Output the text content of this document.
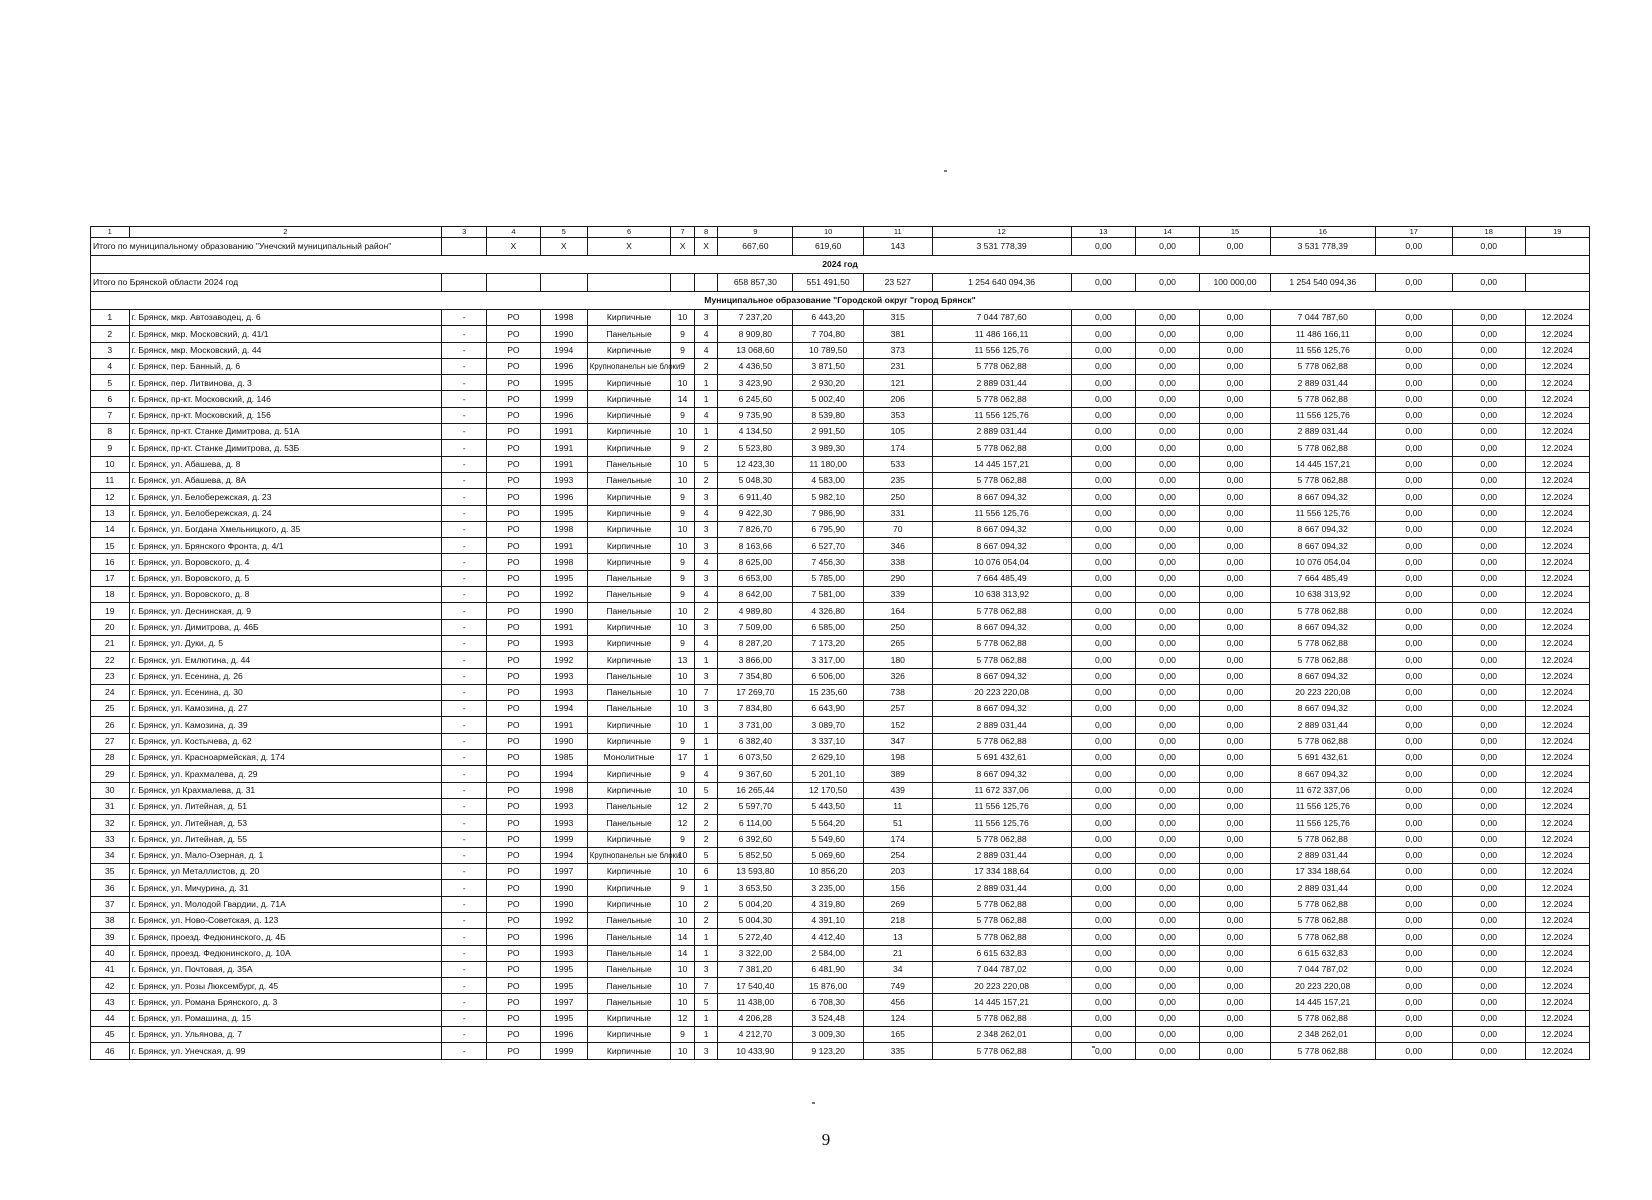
1	2	3	4	5	6	7	8	9	10	11	12	13	14	15	16	17	18	19
Итого по муниципальному образованию "Унечский муниципальный район"			X	X	X	X	X	667,60	619,60	143	3 531 778,39	0,00	0,00	0,00	3 531 778,39	0,00	0,00	
2024 год																		
Итого по Брянской области 2024 год								658 857,30	551 491,50	23 527	1 254 640 094,36	0,00	0,00	100 000,00	1 254 540 094,36	0,00	0,00	
Муниципальное образование "Городской округ "город Брянск"																		
1	г. Брянск, мкр. Автозаводец, д. 6	-	РО	1998	Кирпичные	10	3	7 237,20	6 443,20	315	7 044 787,60	0,00	0,00	0,00	7 044 787,60	0,00	0,00	12.2024
2	г. Брянск, мкр. Московский, д. 41/1	-	РО	1990	Панельные	9	4	8 909,80	7 704,80	381	11 486 166,11	0,00	0,00	0,00	11 486 166,11	0,00	0,00	12.2024
3	г. Брянск, мкр. Московский, д. 44	-	РО	1994	Кирпичные	9	4	13 068,60	10 789,50	373	11 556 125,76	0,00	0,00	0,00	11 556 125,76	0,00	0,00	12.2024
4	г. Брянск, пер. Банный, д. 6	-	РО	1996	Крупнопанельн ые блоки	9	2	4 436,50	3 871,50	231	5 778 062,88	0,00	0,00	0,00	5 778 062,88	0,00	0,00	12.2024
5	г. Брянск, пер. Литвинова, д. 3	-	РО	1995	Кирпичные	10	1	3 423,90	2 930,20	121	2 889 031,44	0,00	0,00	0,00	2 889 031,44	0,00	0,00	12.2024
6	г. Брянск, пр-кт. Московский, д. 146	-	РО	1999	Кирпичные	14	1	6 245,60	5 002,40	206	5 778 062,88	0,00	0,00	0,00	5 778 062,88	0,00	0,00	12.2024
7	г. Брянск, пр-кт. Московский, д. 156	-	РО	1996	Кирпичные	9	4	9 735,90	8 539,80	353	11 556 125,76	0,00	0,00	0,00	11 556 125,76	0,00	0,00	12.2024
8	г. Брянск, пр-кт. Станке Димитрова, д. 51А	-	РО	1991	Кирпичные	10	1	4 134,50	2 991,50	105	2 889 031,44	0,00	0,00	0,00	2 889 031,44	0,00	0,00	12.2024
9	г. Брянск, пр-кт. Станке Димитрова, д. 53Б	-	РО	1991	Кирпичные	9	2	5 523,80	3 989,30	174	5 778 062,88	0,00	0,00	0,00	5 778 062,88	0,00	0,00	12.2024
10	г. Брянск, ул. Абашева, д. 8	-	РО	1991	Панельные	10	5	12 423,30	11 180,00	533	14 445 157,21	0,00	0,00	0,00	14 445 157,21	0,00	0,00	12.2024
11	г. Брянск, ул. Абашева, д. 8А	-	РО	1993	Панельные	10	2	5 048,30	4 583,00	235	5 778 062,88	0,00	0,00	0,00	5 778 062,88	0,00	0,00	12.2024
12	г. Брянск, ул. Белобережская, д. 23	-	РО	1996	Кирпичные	9	3	6 911,40	5 982,10	250	8 667 094,32	0,00	0,00	0,00	8 667 094,32	0,00	0,00	12.2024
13	г. Брянск, ул. Белобережская, д. 24	-	РО	1995	Кирпичные	9	4	9 422,30	7 986,90	331	11 556 125,76	0,00	0,00	0,00	11 556 125,76	0,00	0,00	12.2024
14	г. Брянск, ул. Богдана Хмельницкого, д. 35	-	РО	1998	Кирпичные	10	3	7 826,70	6 795,90	70	8 667 094,32	0,00	0,00	0,00	8 667 094,32	0,00	0,00	12.2024
15	г. Брянск, ул. Брянского Фронта, д. 4/1	-	РО	1991	Кирпичные	10	3	8 163,66	6 527,70	346	8 667 094,32	0,00	0,00	0,00	8 667 094,32	0,00	0,00	12.2024
16	г. Брянск, ул. Воровского, д. 4	-	РО	1998	Кирпичные	9	4	8 625,00	7 456,30	338	10 076 054,04	0,00	0,00	0,00	10 076 054,04	0,00	0,00	12.2024
17	г. Брянск, ул. Воровского, д. 5	-	РО	1995	Панельные	9	3	6 653,00	5 785,00	290	7 664 485,49	0,00	0,00	0,00	7 664 485,49	0,00	0,00	12.2024
18	г. Брянск, ул. Воровского, д. 8	-	РО	1992	Панельные	9	4	8 642,00	7 581,00	339	10 638 313,92	0,00	0,00	0,00	10 638 313,92	0,00	0,00	12.2024
19	г. Брянск, ул. Деснинская, д. 9	-	РО	1990	Панельные	10	2	4 989,80	4 326,80	164	5 778 062,88	0,00	0,00	0,00	5 778 062,88	0,00	0,00	12.2024
20	г. Брянск, ул. Димитрова, д. 46Б	-	РО	1991	Кирпичные	10	3	7 509,00	6 585,00	250	8 667 094,32	0,00	0,00	0,00	8 667 094,32	0,00	0,00	12.2024
21	г. Брянск, ул. Дуки, д. 5	-	РО	1993	Кирпичные	9	4	8 287,20	7 173,20	265	5 778 062,88	0,00	0,00	0,00	5 778 062,88	0,00	0,00	12.2024
22	г. Брянск, ул. Емлютина, д. 44	-	РО	1992	Кирпичные	13	1	3 866,00	3 317,00	180	5 778 062,88	0,00	0,00	0,00	5 778 062,88	0,00	0,00	12.2024
23	г. Брянск, ул. Есенина, д. 26	-	РО	1993	Панельные	10	3	7 354,80	6 506,00	326	8 667 094,32	0,00	0,00	0,00	8 667 094,32	0,00	0,00	12.2024
24	г. Брянск, ул. Есенина, д. 30	-	РО	1993	Панельные	10	7	17 269,70	15 235,60	738	20 223 220,08	0,00	0,00	0,00	20 223 220,08	0,00	0,00	12.2024
25	г. Брянск, ул. Камозина, д. 27	-	РО	1994	Панельные	10	3	7 834,80	6 643,90	257	8 667 094,32	0,00	0,00	0,00	8 667 094,32	0,00	0,00	12.2024
26	г. Брянск, ул. Камозина, д. 39	-	РО	1991	Кирпичные	10	1	3 731,00	3 089,70	152	2 889 031,44	0,00	0,00	0,00	2 889 031,44	0,00	0,00	12.2024
27	г. Брянск, ул. Костычева, д. 62	-	РО	1990	Кирпичные	9	1	6 382,40	3 337,10	347	5 778 062,88	0,00	0,00	0,00	5 778 062,88	0,00	0,00	12.2024
28	г. Брянск, ул. Красноармейская, д. 174	-	РО	1985	Монолитные	17	1	6 073,50	2 629,10	198	5 691 432,61	0,00	0,00	0,00	5 691 432,61	0,00	0,00	12.2024
29	г. Брянск, ул. Крахмалева, д. 29	-	РО	1994	Кирпичные	9	4	9 367,60	5 201,10	389	8 667 094,32	0,00	0,00	0,00	8 667 094,32	0,00	0,00	12.2024
30	г. Брянск, ул Крахмалева, д. 31	-	РО	1998	Кирпичные	10	5	16 265,44	12 170,50	439	11 672 337,06	0,00	0,00	0,00	11 672 337,06	0,00	0,00	12.2024
31	г. Брянск, ул. Литейная, д. 51	-	РО	1993	Панельные	12	2	5 597,70	5 443,50	11	11 556 125,76	0,00	0,00	0,00	11 556 125,76	0,00	0,00	12.2024
32	г. Брянск, ул. Литейная, д. 53	-	РО	1993	Панельные	12	2	6 114,00	5 564,20	51	11 556 125,76	0,00	0,00	0,00	11 556 125,76	0,00	0,00	12.2024
33	г. Брянск, ул. Литейная, д. 55	-	РО	1999	Кирпичные	9	2	6 392,60	5 549,60	174	5 778 062,88	0,00	0,00	0,00	5 778 062,88	0,00	0,00	12.2024
34	г. Брянск, ул. Мало-Озерная, д. 1	-	РО	1994	Крупнопанельн ые блоки	10	5	5 852,50	5 069,60	254	2 889 031,44	0,00	0,00	0,00	2 889 031,44	0,00	0,00	12.2024
35	г. Брянск, ул Металлистов, д. 20	-	РО	1997	Кирпичные	10	6	13 593,80	10 856,20	203	17 334 188,64	0,00	0,00	0,00	17 334 188,64	0,00	0,00	12.2024
36	г. Брянск, ул. Мичурина, д. 31	-	РО	1990	Кирпичные	9	1	3 653,50	3 235,00	156	2 889 031,44	0,00	0,00	0,00	2 889 031,44	0,00	0,00	12.2024
37	г. Брянск, ул. Молодой Гвардии, д. 71А	-	РО	1990	Кирпичные	10	2	5 004,20	4 319,80	269	5 778 062,88	0,00	0,00	0,00	5 778 062,88	0,00	0,00	12.2024
38	г. Брянск, ул. Ново-Советская, д. 123	-	РО	1992	Панельные	10	2	5 004,30	4 391,10	218	5 778 062,88	0,00	0,00	0,00	5 778 062,88	0,00	0,00	12.2024
39	г. Брянск, проезд. Федюнинского, д. 4Б	-	РО	1996	Панельные	14	1	5 272,40	4 412,40	13	5 778 062,88	0,00	0,00	0,00	5 778 062,88	0,00	0,00	12.2024
40	г. Брянск, проезд. Федюнинского, д. 10А	-	РО	1993	Панельные	14	1	3 322,00	2 584,00	21	6 615 632,83	0,00	0,00	0,00	6 615 632,83	0,00	0,00	12.2024
41	г. Брянск, ул. Почтовая, д. 35А	-	РО	1995	Панельные	10	3	7 381,20	6 481,90	34	7 044 787,02	0,00	0,00	0,00	7 044 787,02	0,00	0,00	12.2024
42	г. Брянск, ул. Розы Люксембург, д. 45	-	РО	1995	Панельные	10	7	17 540,40	15 876,00	749	20 223 220,08	0,00	0,00	0,00	20 223 220,08	0,00	0,00	12.2024
43	г. Брянск, ул. Романа Брянского, д. 3	-	РО	1997	Панельные	10	5	11 438,00	6 708,30	456	14 445 157,21	0,00	0,00	0,00	14 445 157,21	0,00	0,00	12.2024
44	г. Брянск, ул. Ромашина, д. 15	-	РО	1995	Кирпичные	12	1	4 206,28	3 524,48	124	5 778 062,88	0,00	0,00	0,00	5 778 062,88	0,00	0,00	12.2024
45	г. Брянск, ул. Ульянова, д. 7	-	РО	1996	Кирпичные	9	1	4 212,70	3 009,30	165	2 348 262,01	0,00	0,00	0,00	2 348 262,01	0,00	0,00	12.2024
46	г. Брянск, ул. Унечская, д. 99	-	РО	1999	Кирпичные	10	3	10 433,90	9 123,20	335	5 778 062,88	0,00	0,00	0,00	5 778 062,88	0,00	0,00	12.2024
9
